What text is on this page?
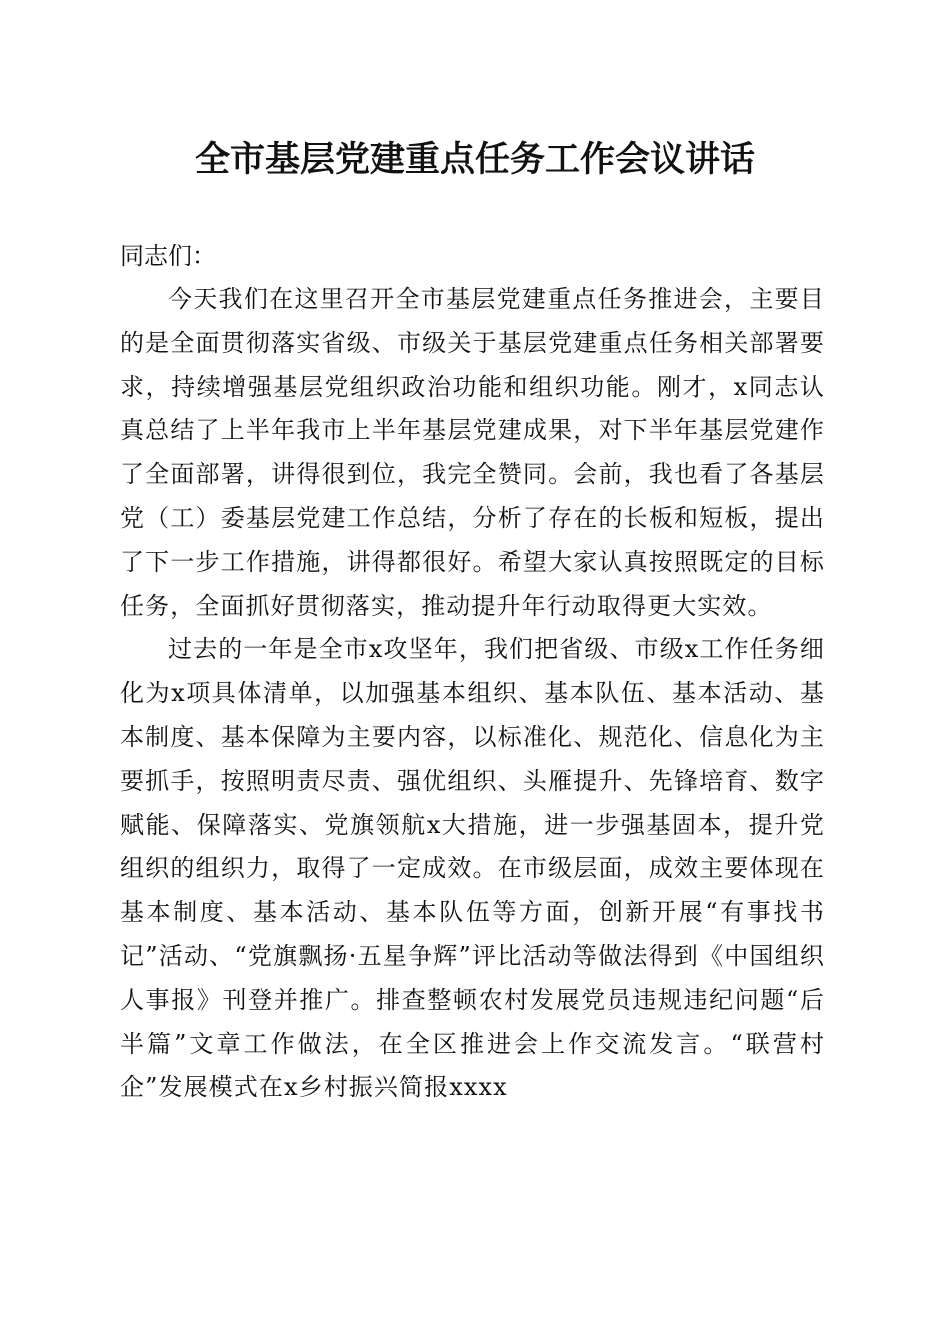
全市基层党建重点任务工作会议讲话

同志们：

今天我们在这里召开全市基层党建重点任务推进会，主要目的是全面贯彻落实省级、市级关于基层党建重点任务相关部署要求，持续增强基层党组织政治功能和组织功能。刚才，x同志认真总结了上半年我市上半年基层党建成果，对下半年基层党建作了全面部署，讲得很到位，我完全赞同。会前，我也看了各基层党（工）委基层党建工作总结，分析了存在的长板和短板，提出了下一步工作措施，讲得都很好。希望大家认真按照既定的目标任务，全面抓好贯彻落实，推动提升年行动取得更大实效。

过去的一年是全市x攻坚年，我们把省级、市级x工作任务细化为x项具体清单，以加强基本组织、基本队伍、基本活动、基本制度、基本保障为主要内容，以标准化、规范化、信息化为主要抓手，按照明责尽责、强优组织、头雁提升、先锋培育、数字赋能、保障落实、党旗领航x大措施，进一步强基固本，提升党组织的组织力，取得了一定成效。在市级层面，成效主要体现在基本制度、基本活动、基本队伍等方面，创新开展“有事找书记”活动、“党旗飘扬·五星争辉”评比活动等做法得到《中国组织人事报》刊登并推广。排查整顿农村发展党员违规违纪问题“后半篇”文章工作做法，在全区推进会上作交流发言。“联营村企”发展模式在x乡村振兴简报xxxx
